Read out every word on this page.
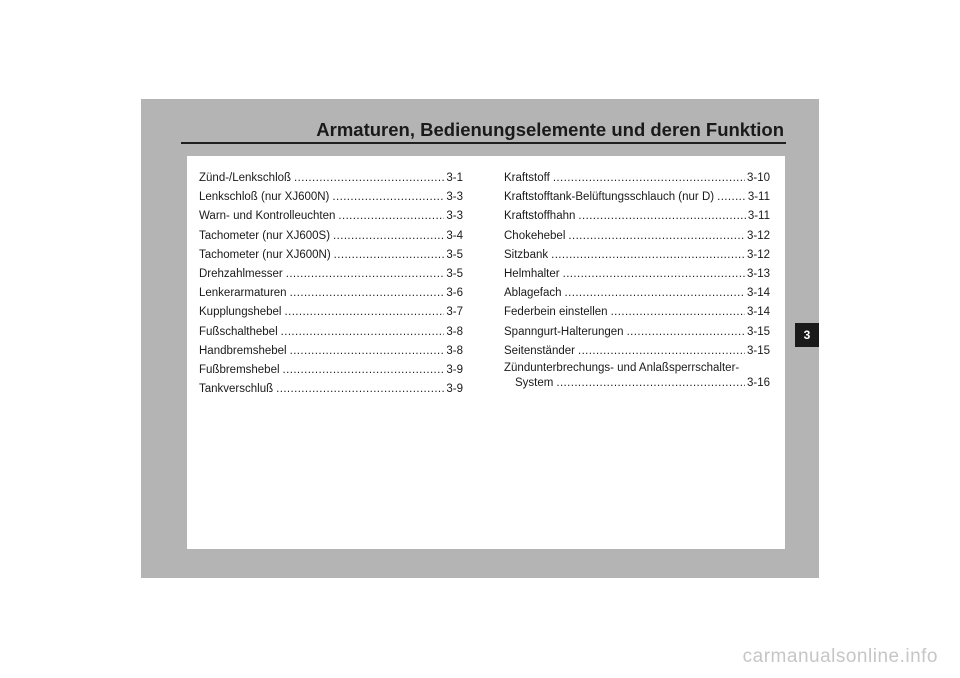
Armaturen, Bedienungselemente und deren Funktion
Zünd-/Lenkschloß .....	3-1
Lenkschloß (nur XJ600N) .....	3-3
Warn- und Kontrolleuchten .....	3-3
Tachometer (nur XJ600S) .....	3-4
Tachometer (nur XJ600N) .....	3-5
Drehzahlmesser .....	3-5
Lenkerarmaturen .....	3-6
Kupplungshebel .....	3-7
Fußschalthebel .....	3-8
Handbremshebel .....	3-8
Fußbremshebel .....	3-9
Tankverschluß .....	3-9
Kraftstoff .....	3-10
Kraftstofftank-Belüftungsschlauch (nur D) .....	3-11
Kraftstoffhahn .....	3-11
Chokehebel .....	3-12
Sitzbank .....	3-12
Helmhalter .....	3-13
Ablagefach .....	3-14
Federbein einstellen .....	3-14
Spanngurt-Halterungen .....	3-15
Seitenständer .....	3-15
Zündunterbrechungs- und Anlaßsperrschalter-
System .....	3-16
3
carmanualsonline.info
